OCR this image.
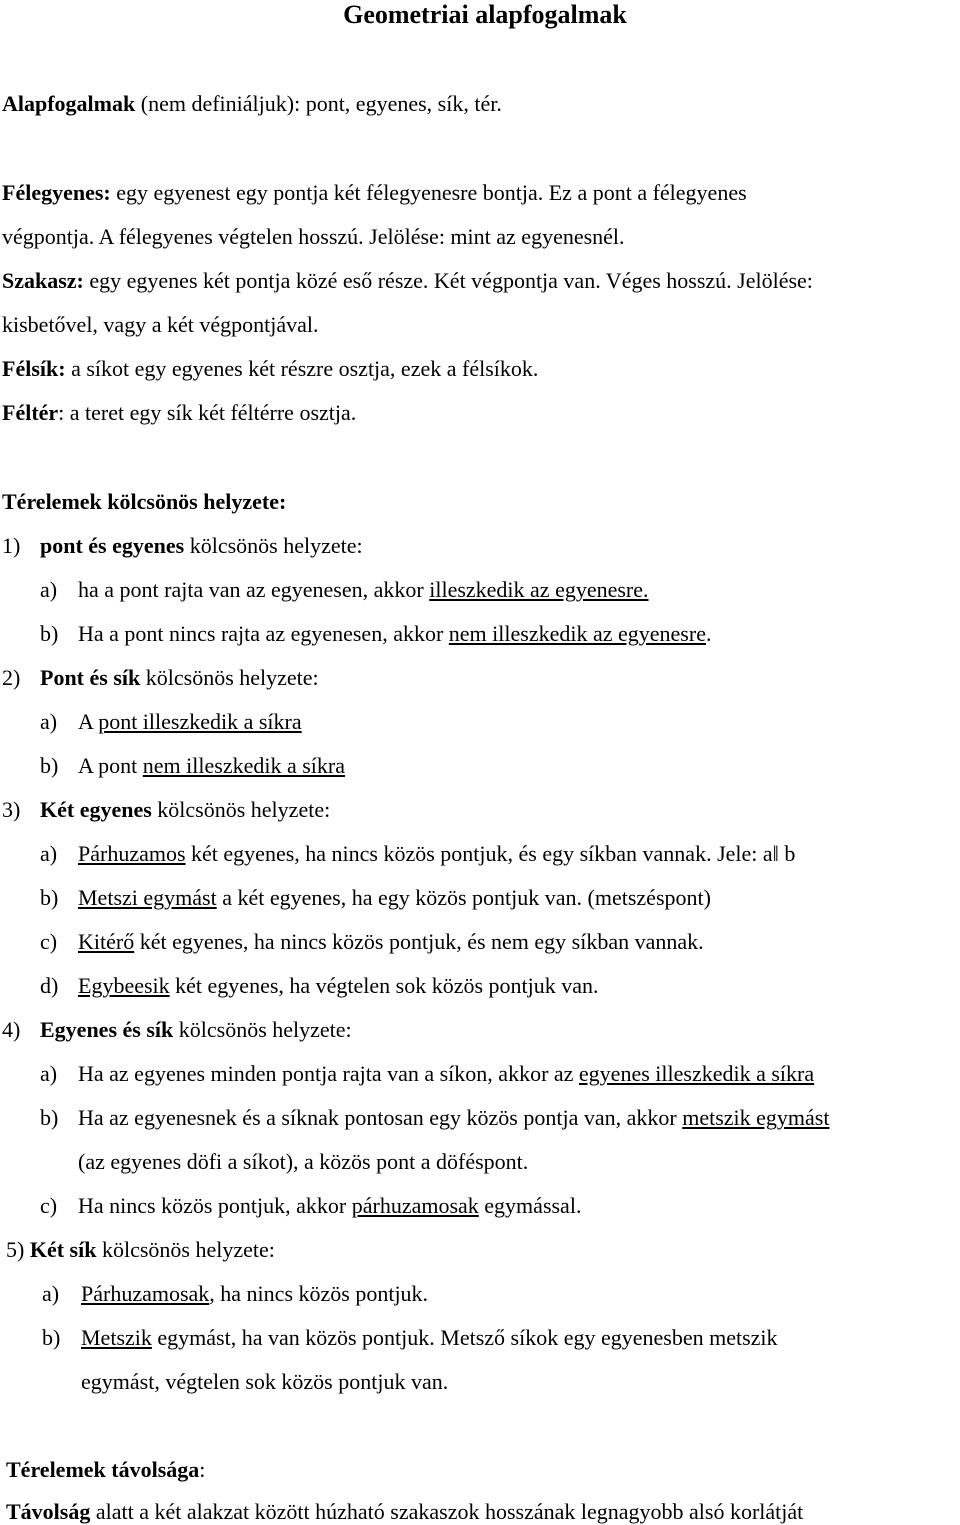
Geometriai alapfogalmak
Alapfogalmak (nem definiáljuk): pont, egyenes, sík, tér.
Félegyenes: egy egyenest egy pontja két félegyenesre bontja. Ez a pont a félegyenes
végpontja. A félegyenes végtelen hosszú. Jelölése: mint az egyenesnél.
Szakasz: egy egyenes két pontja közé eső része. Két végpontja van. Véges hosszú. Jelölése:
kisbetővel, vagy a két végpontjával.
Félsík: a síkot egy egyenes két részre osztja, ezek a félsíkok.
Féltér: a teret egy sík két féltérre osztja.
Térelemek kölcsönös helyzete:
1) pont és egyenes kölcsönös helyzete:
a) ha a pont rajta van az egyenesen, akkor illeszkedik az egyenesre.
b) Ha a pont nincs rajta az egyenesen, akkor nem illeszkedik az egyenesre.
2) Pont és sík kölcsönös helyzete:
a) A pont illeszkedik a síkra
b) A pont nem illeszkedik a síkra
3) Két egyenes kölcsönös helyzete:
a) Párhuzamos két egyenes, ha nincs közös pontjuk, és egy síkban vannak. Jele: a‖ b
b) Metszi egymást a két egyenes, ha egy közös pontjuk van. (metszéspont)
c) Kitérő két egyenes, ha nincs közös pontjuk, és nem egy síkban vannak.
d) Egybeesik két egyenes, ha végtelen sok közös pontjuk van.
4) Egyenes és sík kölcsönös helyzete:
a) Ha az egyenes minden pontja rajta van a síkon, akkor az egyenes illeszkedik a síkra
b) Ha az egyenesnek és a síknak pontosan egy közös pontja van, akkor metszik egymást
(az egyenes döfi a síkot), a közös pont a döféspont.
c) Ha nincs közös pontjuk, akkor párhuzamosak egymással.
5) Két sík kölcsönös helyzete:
a) Párhuzamosak, ha nincs közös pontjuk.
b) Metszik egymást, ha van közös pontjuk. Metsző síkok egy egyenesben metszik
egymást, végtelen sok közös pontjuk van.
Térelemek távolsága:
Távolság alatt a két alakzat között húzható szakaszok hosszának legnagyobb alsó korlátját
